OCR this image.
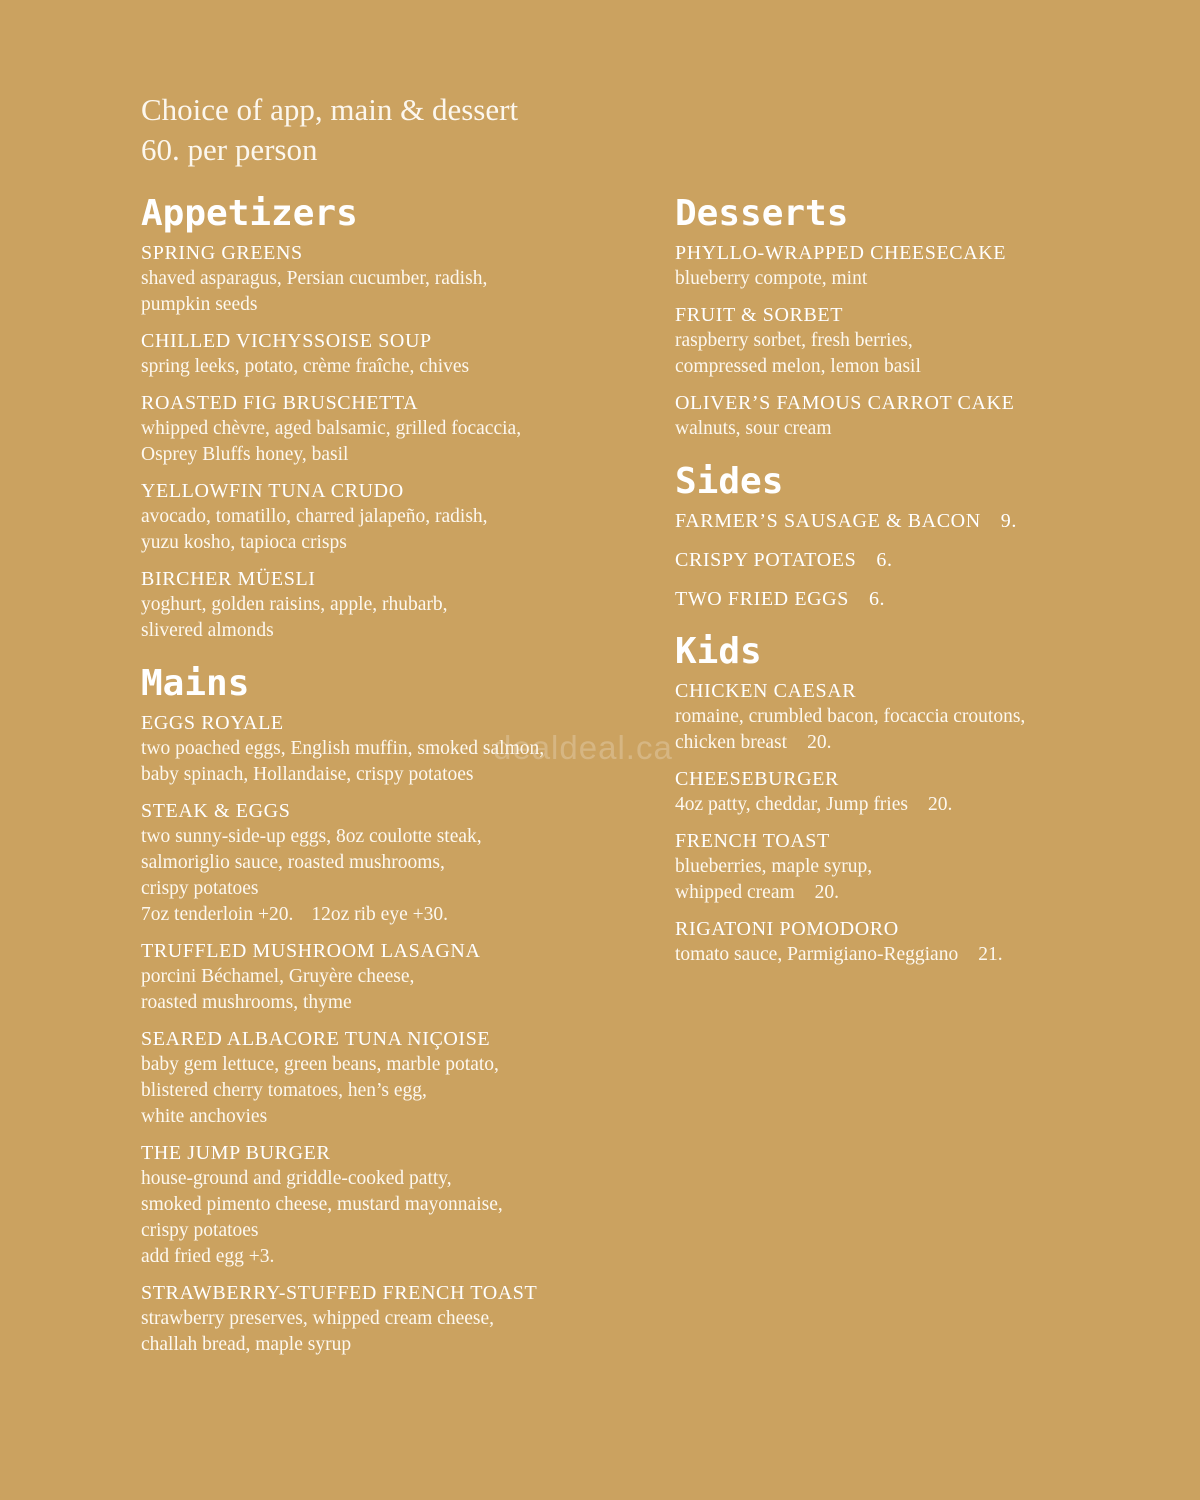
Choice of app, main & dessert
60. per person
Appetizers
SPRING GREENS
shaved asparagus, Persian cucumber, radish,
pumpkin seeds
CHILLED VICHYSSOISE SOUP
spring leeks, potato, crème fraîche, chives
ROASTED FIG BRUSCHETTA
whipped chèvre, aged balsamic, grilled focaccia,
Osprey Bluffs honey, basil
YELLOWFIN TUNA CRUDO
avocado, tomatillo, charred jalapeño, radish,
yuzu kosho, tapioca crisps
BIRCHER MÜESLI
yoghurt, golden raisins, apple, rhubarb,
slivered almonds
Mains
EGGS ROYALE
two poached eggs, English muffin, smoked salmon,
baby spinach, Hollandaise, crispy potatoes
STEAK & EGGS
two sunny-side-up eggs, 8oz coulotte steak,
salmoriglio sauce, roasted mushrooms,
crispy potatoes
7oz tenderloin +20. 12oz rib eye +30.
TRUFFLED MUSHROOM LASAGNA
porcini Béchamel, Gruyère cheese,
roasted mushrooms, thyme
SEARED ALBACORE TUNA NIÇOISE
baby gem lettuce, green beans, marble potato,
blistered cherry tomatoes, hen’s egg,
white anchovies
THE JUMP BURGER
house-ground and griddle-cooked patty,
smoked pimento cheese, mustard mayonnaise,
crispy potatoes
add fried egg +3.
STRAWBERRY-STUFFED FRENCH TOAST
strawberry preserves, whipped cream cheese,
challah bread, maple syrup
Desserts
PHYLLO-WRAPPED CHEESECAKE
blueberry compote, mint
FRUIT & SORBET
raspberry sorbet, fresh berries,
compressed melon, lemon basil
OLIVER’S FAMOUS CARROT CAKE
walnuts, sour cream
Sides
FARMER’S SAUSAGE & BACON 9.
CRISPY POTATOES 6.
TWO FRIED EGGS 6.
Kids
CHICKEN CAESAR
romaine, crumbled bacon, focaccia croutons,
chicken breast 20.
CHEESEBURGER
4oz patty, cheddar, Jump fries 20.
FRENCH TOAST
blueberries, maple syrup,
whipped cream 20.
RIGATONI POMODORO
tomato sauce, Parmigiano-Reggiano 21.
dealdeal.ca
